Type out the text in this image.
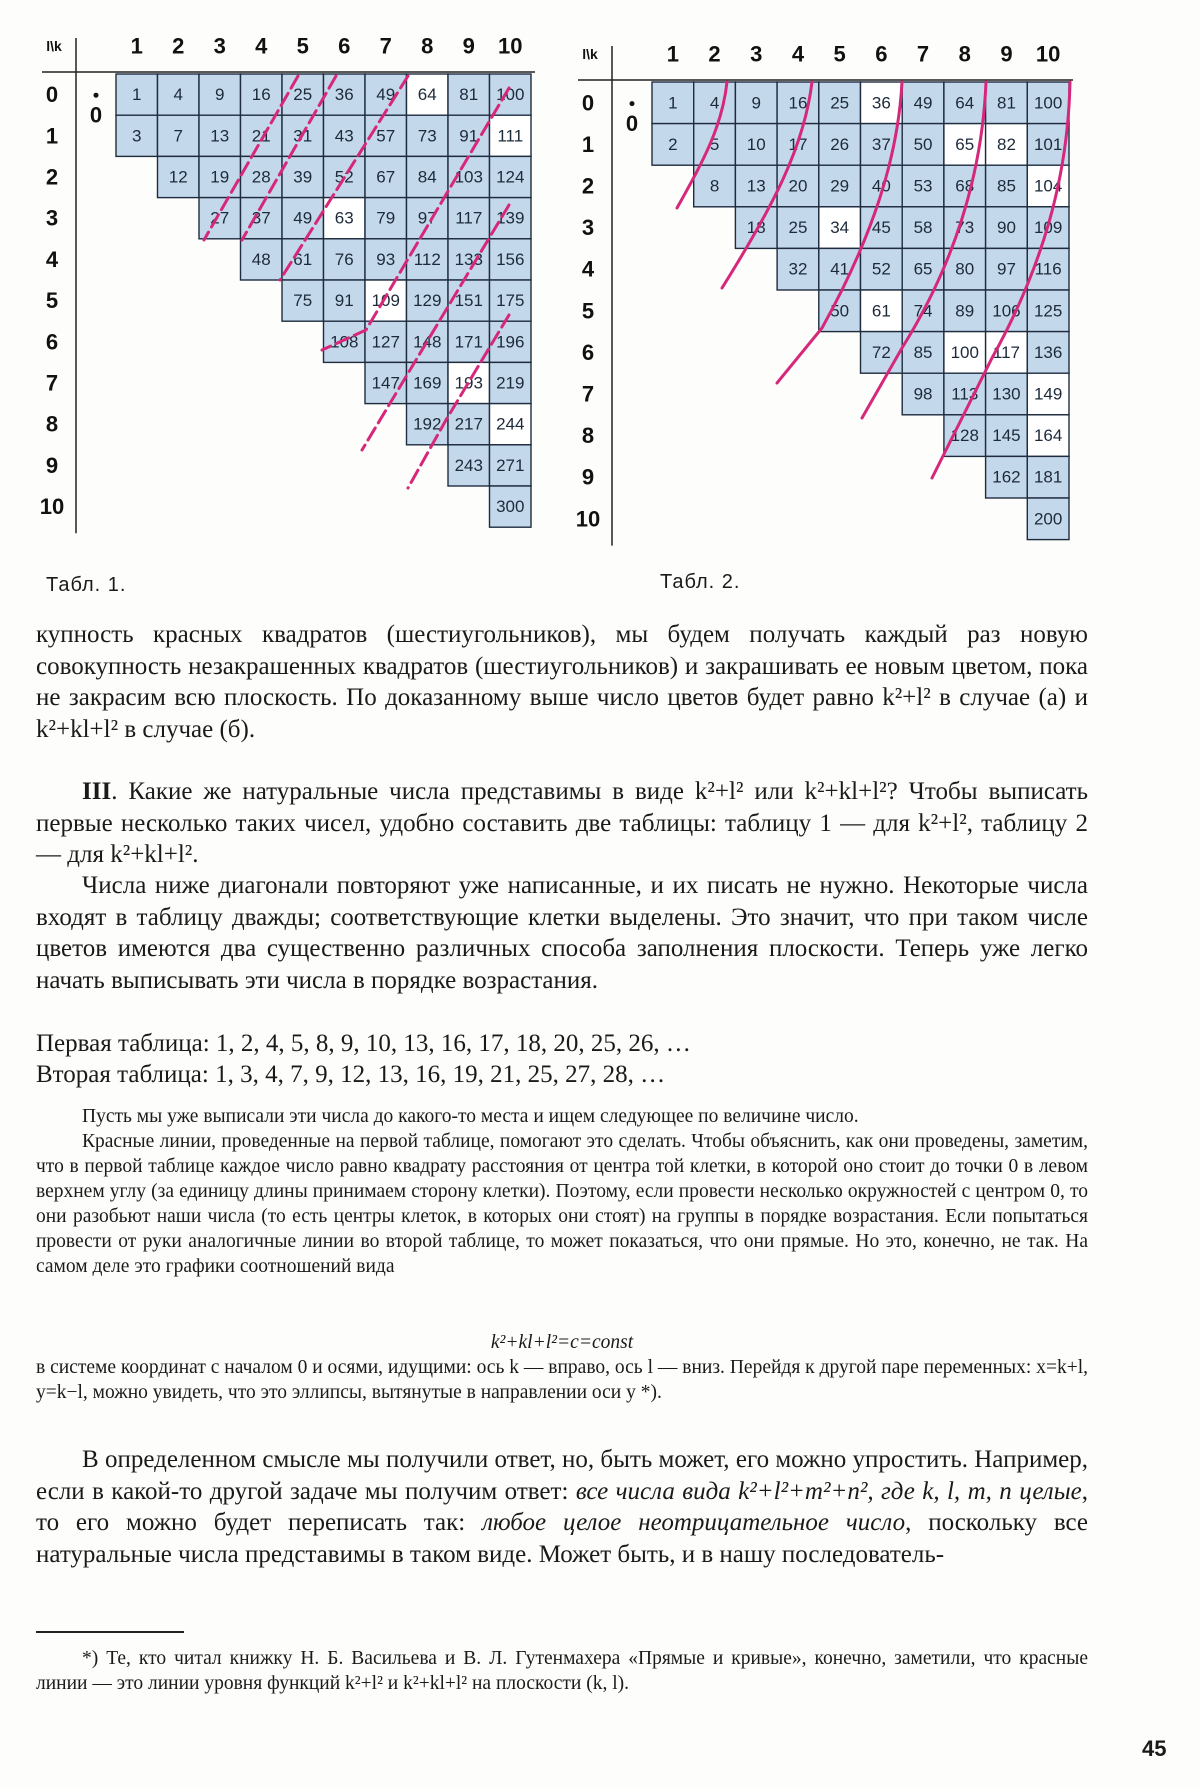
l\k	1 2 3 4 5 6 7 8 9 10
0
1
2
3
4
5
6
7
8
9
10
0
1 4 9 16 25 36 49 64 81 100
3 7 13 21 31 43 57 73 91 111
12 19 28 39 52 67 84 103 124
27 37 49 63 79 97 117 139
48 61 76 93 112 133 156
75 91 109 129 151 175
108 127 148 171 196
147 169 193 219
192 217 244
243 271
300
Табл. 1.
l\k	1 2 3 4 5 6 7 8 9 10
0
1
2
3
4
5
6
7
8
9
10
0
1 4 9 16 25 36 49 64 81 100
2 5 10 17 26 37 50 65 82 101
8 13 20 29 40 53 68 85 104
18 25 34 45 58 73 90 109
32 41 52 65 80 97 116
50 61 74 89 106 125
72 85 100 117 136
98 113 130 149
128 145 164
162 181
200
Табл. 2.
купность красных квадратов (шестиугольников), мы будем получать каждый раз новую совокупность незакрашенных квадратов (шестиугольников) и закрашивать ее новым цветом, пока не закрасим всю плоскость. По доказанному выше число цветов будет равно k²+l² в случае (а) и k²+kl+l² в случае (б).
III. Какие же натуральные числа представимы в виде k²+l² или k²+kl+l²? Чтобы выписать первые несколько таких чисел, удобно составить две таблицы: таблицу 1 — для k²+l², таблицу 2 — для k²+kl+l².
Числа ниже диагонали повторяют уже написанные, и их писать не нужно. Некоторые числа входят в таблицу дважды; соответствующие клетки выделены. Это значит, что при таком числе цветов имеются два существенно различных способа заполнения плоскости. Теперь уже легко начать выписывать эти числа в порядке возрастания.
Первая таблица: 1, 2, 4, 5, 8, 9, 10, 13, 16, 17, 18, 20, 25, 26, …
Вторая таблица: 1, 3, 4, 7, 9, 12, 13, 16, 19, 21, 25, 27, 28, …
Пусть мы уже выписали эти числа до какого-то места и ищем следующее по величине число.
Красные линии, проведенные на первой таблице, помогают это сделать. Чтобы объяснить, как они проведены, заметим, что в первой таблице каждое число равно квадрату расстояния от центра той клетки, в которой оно стоит до точки 0 в левом верхнем углу (за единицу длины принимаем сторону клетки). Поэтому, если провести несколько окружностей с центром 0, то они разобьют наши числа (то есть центры клеток, в которых они стоят) на группы в порядке возрастания. Если попытаться провести от руки аналогичные линии во второй таблице, то может показаться, что они прямые. Но это, конечно, не так. На самом деле это графики соотношений вида
k²+kl+l²=c=const
в системе координат с началом 0 и осями, идущими: ось k — вправо, ось l — вниз. Перейдя к другой паре переменных: x=k+l, y=k−l, можно увидеть, что это эллипсы, вытянутые в направлении оси y *).
В определенном смысле мы получили ответ, но, быть может, его можно упростить. Например, если в какой-то другой задаче мы получим ответ: все числа вида k²+l²+m²+n², где k, l, m, n целые, то его можно будет переписать так: любое целое неотрицательное число, поскольку все натуральные числа представимы в таком виде. Может быть, и в нашу последователь-
*) Те, кто читал книжку Н. Б. Васильева и В. Л. Гутенмахера «Прямые и кривые», конечно, заметили, что красные линии — это линии уровня функций k²+l² и k²+kl+l² на плоскости (k, l).
45
